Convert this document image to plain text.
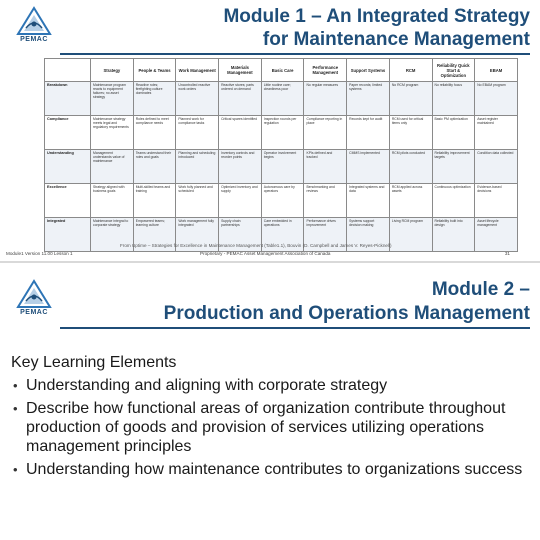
PEMAC
Module 1 – An Integrated Strategy
for Maintenance Management
	Strategy	People & Teams	Work Management	Materials Management	Basic Care	Performance Management	Support Systems	RCM	Reliability Quick Start & Optimization	EBAM
Breakdown	Maintenance program reacts to equipment failures; no asset strategy	Reactive roles; firefighting culture dominates	Uncontrolled reactive work orders	Reactive stores; parts ordered on demand	Little routine care; cleanliness poor	No regular measures	Paper records; limited systems	No RCM program	No reliability focus	No EBAM program
Compliance	Maintenance strategy meets legal and regulatory requirements	Roles defined to meet compliance needs	Planned work for compliance tasks	Critical spares identified	Inspection rounds per regulation	Compliance reporting in place	Records kept for audit	RCM used for critical items only	Basic PM optimization	Asset register maintained
Understanding	Management understands value of maintenance	Teams understand their roles and goals	Planning and scheduling introduced	Inventory controls and reorder points	Operator involvement begins	KPIs defined and tracked	CMMS implemented	RCM pilots conducted	Reliability improvement targets	Condition data collected
Excellence	Strategy aligned with business goals	Multi-skilled teams and training	Work fully planned and scheduled	Optimized inventory and supply	Autonomous care by operators	Benchmarking and reviews	Integrated systems and data	RCM applied across assets	Continuous optimization	Evidence-based decisions
Integrated	Maintenance integral to corporate strategy	Empowered teams; learning culture	Work management fully integrated	Supply chain partnerships	Care embedded in operations	Performance drives improvement	Systems support decision making	Living RCM program	Reliability built into design	Asset lifecycle management
From Uptime – Strategies for Excellence in Maintenance Management (Table1.1), Bouvin (D. Campbell and James V. Reyes-Picknell)
Module1 Version 11.00 Lesson 1	Proprietary - PEMAC Asset Management Association of Canada	31
PEMAC
Module 2 –
Production and Operations Management
Key Learning Elements
• Understanding and aligning with corporate strategy
• Describe how functional areas of organization contribute throughout production of goods and provision of services utilizing operations management principles
• Understanding how maintenance contributes to organizations success
